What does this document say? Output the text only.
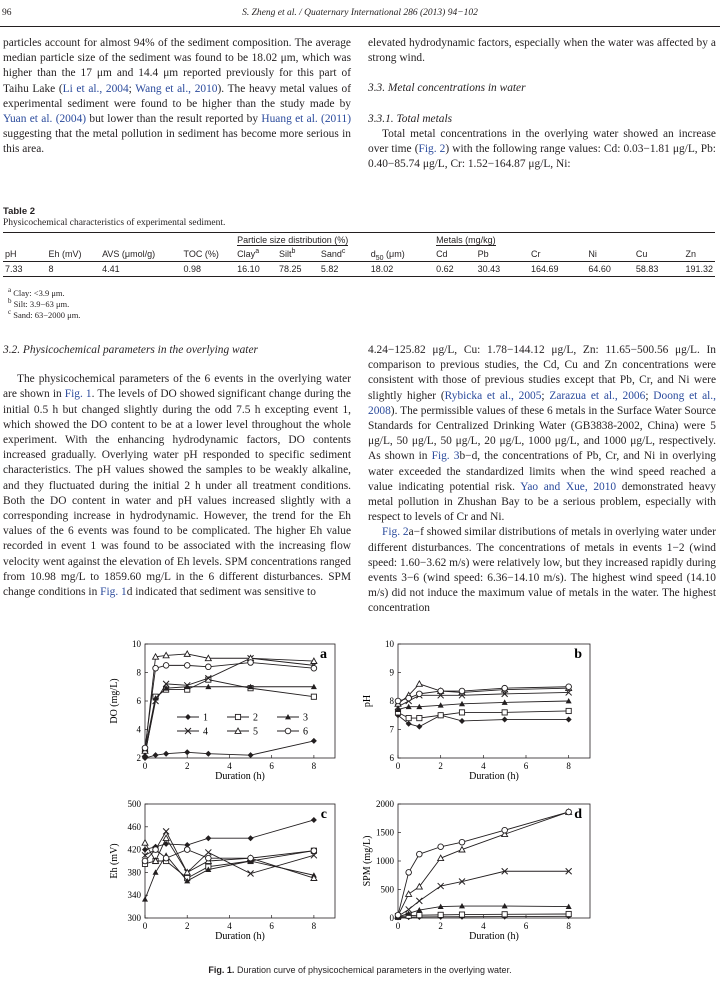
96	S. Zheng et al. / Quaternary International 286 (2013) 94−102

particles account for almost 94% of the sediment composition. The average median particle size of the sediment was found to be 18.02 μm, which was higher than the 17 μm and 14.4 μm reported previously for this part of Taihu Lake (Li et al., 2004; Wang et al., 2010). The heavy metal values of experimental sediment were found to be higher than the study made by Yuan et al. (2004) but lower than the result reported by Huang et al. (2011) suggesting that the metal pollution in sediment has become more serious in this area.

elevated hydrodynamic factors, especially when the water was affected by a strong wind.

3.3. Metal concentrations in water

3.3.1. Total metals

Total metal concentrations in the overlying water showed an increase over time (Fig. 2) with the following range values: Cd: 0.03−1.81 μg/L, Pb: 0.40−85.74 μg/L, Cr: 1.52−164.87 μg/L, Ni:

Table 2
Physicochemical characteristics of experimental sediment.
pH	Eh (mV)	AVS (μmol/g)	TOC (%)	Particle size distribution (%)			$d_{50}$ (μm)	Metals (mg/kg)					
				Clay$^a$	Silt$^b$	Sand$^c$		Cd	Pb	Cr	Ni	Cu	Zn
7.33	8	4.41	0.98	16.10	78.25	5.82	18.02	0.62	30.43	164.69	64.60	58.83	191.32
$^a$ Clay: <3.9 μm.
$^b$ Silt: 3.9−63 μm.
$^c$ Sand: 63−2000 μm.

3.2. Physicochemical parameters in the overlying water

The physicochemical parameters of the 6 events in the overlying water are shown in Fig. 1. The levels of DO showed significant change during the initial 0.5 h but changed slightly during the odd 7.5 h excepting event 1, which showed the DO content to be at a lower level throughout the whole experiment. With the enhancing hydrodynamic factors, DO contents increased gradually. Overlying water pH responded to specific sediment characteristics. The pH values showed the samples to be weakly alkaline, and they fluctuated during the initial 2 h under all treatment conditions. Both the DO content in water and pH values increased slightly with a corresponding increase in hydrodynamic. However, the trend for the Eh values of the 6 events was found to be complicated. The higher Eh value recorded in event 1 was found to be associated with the increasing flow velocity went against the elevation of Eh levels. SPM concentrations ranged from 10.98 mg/L to 1859.60 mg/L in the 6 different disturbances. SPM change conditions in Fig. 1d indicated that sediment was sensitive to

4.24−125.82 μg/L, Cu: 1.78−144.12 μg/L, Zn: 11.65−500.56 μg/L. In comparison to previous studies, the Cd, Cu and Zn concentrations were consistent with those of previous studies except that Pb, Cr, and Ni were slightly higher (Rybicka et al., 2005; Zarazua et al., 2006; Doong et al., 2008). The permissible values of these 6 metals in the Surface Water Source Standards for Centralized Drinking Water (GB3838-2002, China) were 5 μg/L, 50 μg/L, 50 μg/L, 20 μg/L, 1000 μg/L, and 1000 μg/L, respectively. As shown in Fig. 3b−d, the concentrations of Pb, Cr, and Ni in overlying water exceeded the standardized limits when the wind speed reached a value indicating potential risk. Yao and Xue, 2010 demonstrated heavy metal pollution in Zhushan Bay to be a serious problem, especially with respect to levels of Cr and Ni.

Fig. 2a−f showed similar distributions of metals in overlying water under different disturbances. The concentrations of metals in events 1−2 (wind speed: 1.60−3.62 m/s) were relatively low, but they increased rapidly during events 3−6 (wind speed: 6.36−14.10 m/s). The highest wind speed (14.10 m/s) did not induce the maximum value of metals in the water. The highest concentration

2
4
6
8
10
0	2	4	6	8
Duration (h)
DO (mg/L)
a
1	2	3
4	5	6
6
7
8
9
10
0	2	4	6	8
Duration (h)
pH
b
300
340
380
420
460
500
0	2	4	6	8
Duration (h)
Eh (mV)
c
0
500
1000
1500
2000
0	2	4	6	8
Duration (h)
SPM (mg/L)
d
Fig. 1. Duration curve of physicochemical parameters in the overlying water.
